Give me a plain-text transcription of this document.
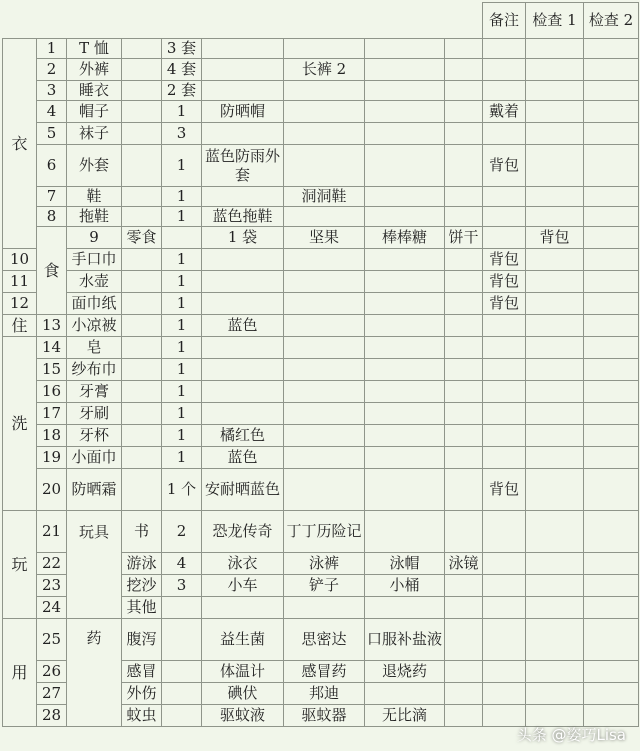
									备注	检查 1	检查 2	
衣	1	T 恤		3 套								
	2	外裤		4 套		长裤 2						
	3	睡衣		2 套								
	4	帽子		1	防晒帽				戴着			
	5	袜子		3								
	6	外套		1	蓝色防雨外套				背包			
	7	鞋		1		洞洞鞋						
	8	拖鞋		1	蓝色拖鞋							
	食	9	零食		1 袋	坚果	棒棒糖	饼干		背包		
10		手口巾		1					背包			
11		水壶		1					背包			
12		面巾纸		1					背包			
住	13	小凉被		1	蓝色							
洗	14	皂		1								
	15	纱布巾		1								
	16	牙膏		1								
	17	牙刷		1								
	18	牙杯		1	橘红色							
	19	小面巾		1	蓝色							
	20	防晒霜		1 个	安耐晒蓝色				背包			
玩	21	玩具	书	2	恐龙传奇	丁丁历险记						
	22		游泳	4	泳衣	泳裤	泳帽	泳镜				
	23		挖沙	3	小车	铲子	小桶					
	24		其他									
用	25	药	腹泻		益生菌	思密达	口服补盐液					
	26		感冒		体温计	感冒药	退烧药					
	27		外伤		碘伏	邦迪						
	28		蚊虫		驱蚊液	驱蚊器	无比滴					
头条 @姿巧Lisa
